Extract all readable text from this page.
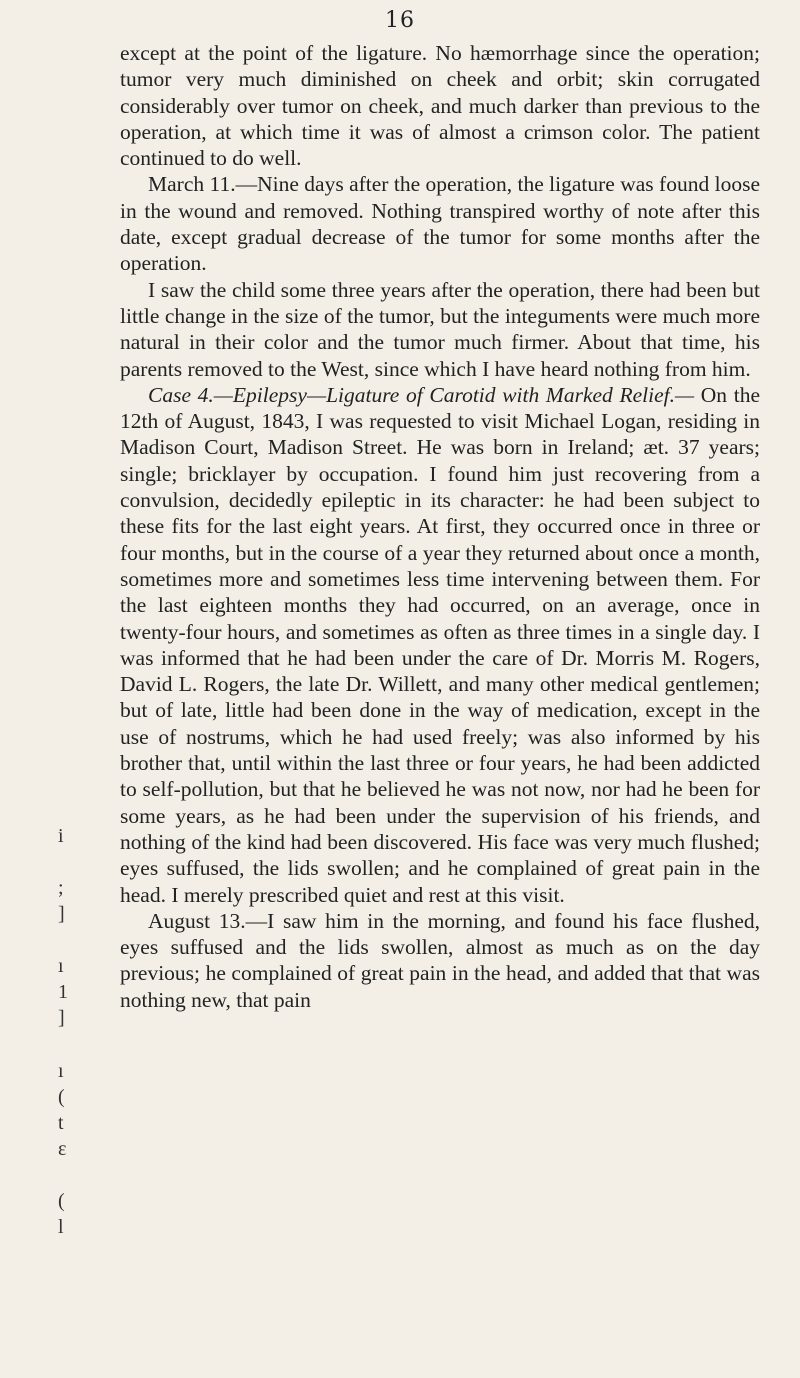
16
i
;
]
ı
1
]
ı
(
t
ε
(
l

except at the point of the ligature. No hæmorrhage since the operation; tumor very much diminished on cheek and orbit; skin corrugated considerably over tumor on cheek, and much darker than previous to the operation, at which time it was of almost a crimson color. The patient continued to do well.

March 11.—Nine days after the operation, the ligature was found loose in the wound and removed. Nothing transpired worthy of note after this date, except gradual decrease of the tumor for some months after the operation.

I saw the child some three years after the operation, there had been but little change in the size of the tumor, but the integuments were much more natural in their color and the tumor much firmer. About that time, his parents removed to the West, since which I have heard nothing from him.

Case 4.—Epilepsy—Ligature of Carotid with Marked Relief.— On the 12th of August, 1843, I was requested to visit Michael Logan, residing in Madison Court, Madison Street. He was born in Ireland; æt. 37 years; single; bricklayer by occupation. I found him just recovering from a convulsion, decidedly epileptic in its character: he had been subject to these fits for the last eight years. At first, they occurred once in three or four months, but in the course of a year they returned about once a month, sometimes more and sometimes less time intervening between them. For the last eighteen months they had occurred, on an average, once in twenty-four hours, and sometimes as often as three times in a single day. I was informed that he had been under the care of Dr. Morris M. Rogers, David L. Rogers, the late Dr. Willett, and many other medical gentlemen; but of late, little had been done in the way of medication, except in the use of nostrums, which he had used freely; was also informed by his brother that, until within the last three or four years, he had been addicted to self-pollution, but that he believed he was not now, nor had he been for some years, as he had been under the supervision of his friends, and nothing of the kind had been discovered. His face was very much flushed; eyes suffused, the lids swollen; and he complained of great pain in the head. I merely prescribed quiet and rest at this visit.

August 13.—I saw him in the morning, and found his face flushed, eyes suffused and the lids swollen, almost as much as on the day previous; he complained of great pain in the head, and added that that was nothing new, that pain
